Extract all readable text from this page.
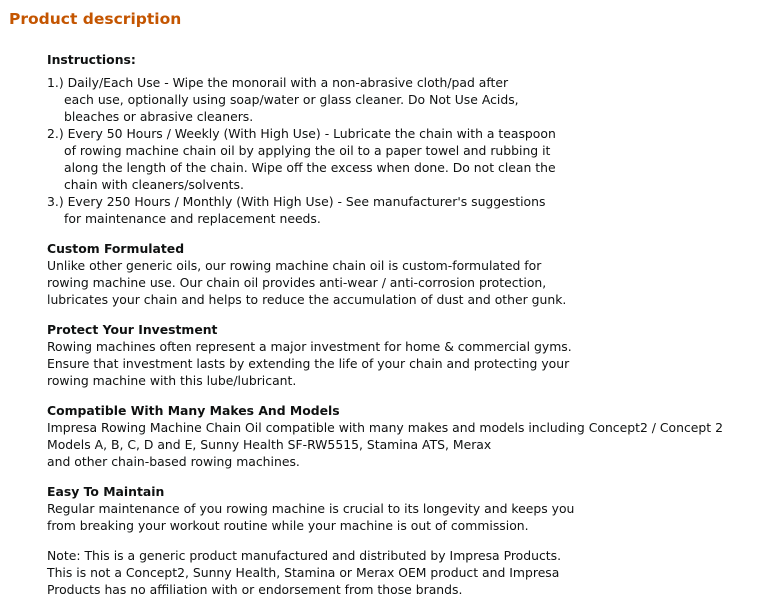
Product description
Instructions:
1.) Daily/Each Use - Wipe the monorail with a non-abrasive cloth/pad after
each use, optionally using soap/water or glass cleaner. Do Not Use Acids,
bleaches or abrasive cleaners.
2.) Every 50 Hours / Weekly (With High Use) - Lubricate the chain with a teaspoon
of rowing machine chain oil by applying the oil to a paper towel and rubbing it
along the length of the chain. Wipe off the excess when done. Do not clean the
chain with cleaners/solvents.
3.) Every 250 Hours / Monthly (With High Use) - See manufacturer's suggestions
for maintenance and replacement needs.
Custom Formulated
Unlike other generic oils, our rowing machine chain oil is custom-formulated for
rowing machine use. Our chain oil provides anti-wear / anti-corrosion protection,
lubricates your chain and helps to reduce the accumulation of dust and other gunk.
Protect Your Investment
Rowing machines often represent a major investment for home & commercial gyms.
Ensure that investment lasts by extending the life of your chain and protecting your
rowing machine with this lube/lubricant.
Compatible With Many Makes And Models
Impresa Rowing Machine Chain Oil compatible with many makes and models including Concept2 / Concept 2
Models A, B, C, D and E, Sunny Health SF-RW5515, Stamina ATS, Merax
and other chain-based rowing machines.
Easy To Maintain
Regular maintenance of you rowing machine is crucial to its longevity and keeps you
from breaking your workout routine while your machine is out of commission.
Note: This is a generic product manufactured and distributed by Impresa Products.
This is not a Concept2, Sunny Health, Stamina or Merax OEM product and Impresa
Products has no affiliation with or endorsement from those brands.
